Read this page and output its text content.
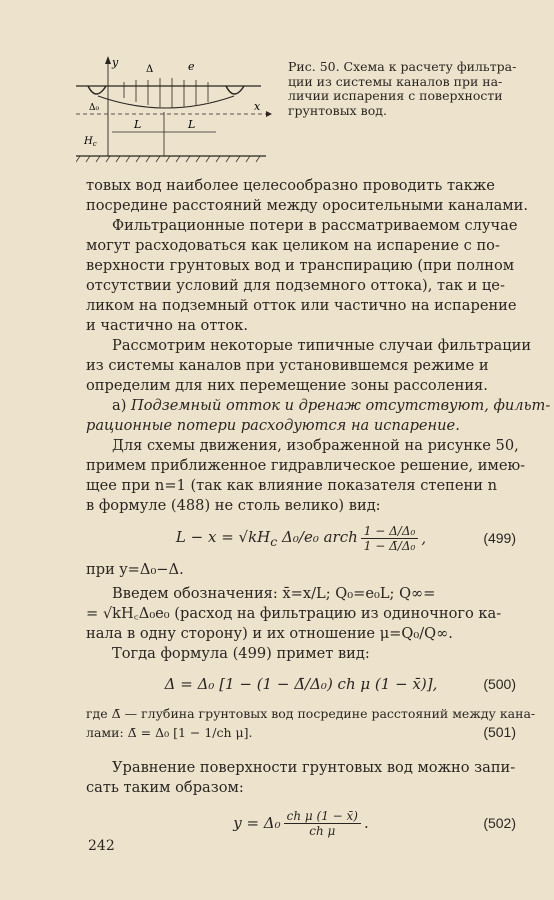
y
Δ	e
Δ₀	x
L	L
$H_c$
Рис. 50. Схема к расчету фильтра-
ции из системы каналов при на-
личии испарения с поверхности
грунтовых вод.
товых вод наиболее целесообразно проводить также
посредине расстояний между оросительными каналами.
Фильтрационные потери в рассматриваемом случае
могут расходоваться как целиком на испарение с по-
верхности грунтовых вод и транспирацию (при полном
отсутствии условий для подземного оттока), так и це-
ликом на подземный отток или частично на испарение
и частично на отток.
Рассмотрим некоторые типичные случаи фильтрации
из системы каналов при установившемся режиме и
определим для них перемещение зоны рассоления.
а) Подземный отток и дренаж отсутствуют, фильт-
рационные потери расходуются на испарение.
Для схемы движения, изображенной на рисунке 50,
примем приближенное гидравлическое решение, имею-
щее при n=1 (так как влияние показателя степени n
в формуле (488) не столь велико) вид:
$L - x = √kH_c$ Δ₀/e₀ arch $\frac{\text{1 − Δ/Δ₀}}{\text{1 − Δ̄/Δ₀}}$ ,	(499)
при y=Δ₀−Δ.
Введем обозначения: x̄=x/L; Q₀=e₀L; Q∞=
= √kH꜀Δ₀e₀ (расход на фильтрацию из одиночного ка-
нала в одну сторону) и их отношение μ=Q₀/Q∞.
Тогда формула (499) примет вид:
Δ = Δ₀ [1 − (1 − Δ̄/Δ₀) ch μ (1 − x̄)],	(500)
где Δ̄ — глубина грунтовых вод посредине расстояний между кана-
лами: Δ̄ = Δ₀ [1 − 1/ch μ].	(501)
Уравнение поверхности грунтовых вод можно запи-
сать таким образом:
$y = \Delta_0 \frac{\text{ch μ (1 − x̄)}}{\text{ch μ}}$ .	(502)
242
